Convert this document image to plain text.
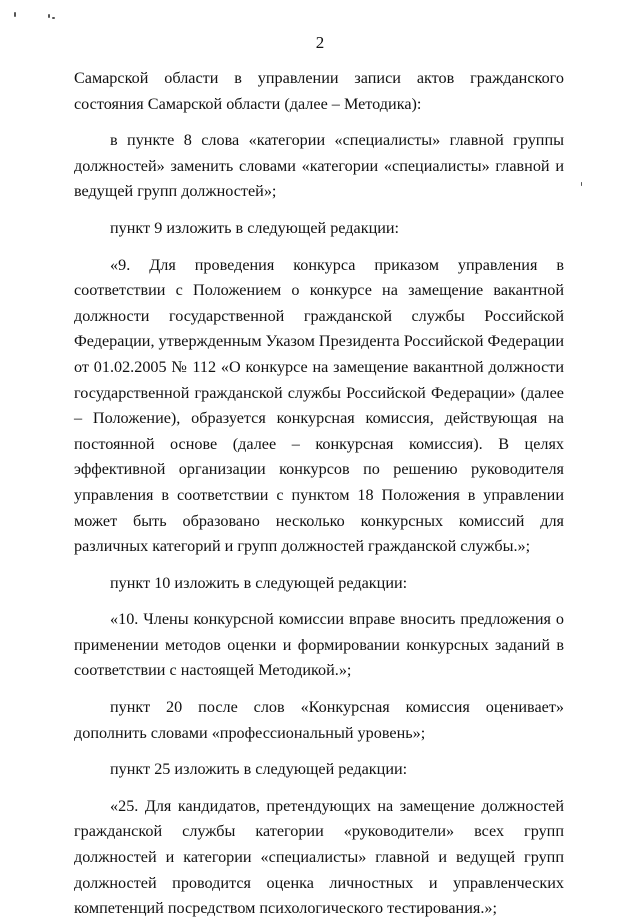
2

Самарской области в управлении записи актов гражданского состояния Самарской области (далее – Методика):

в пункте 8 слова «категории «специалисты» главной группы должностей» заменить словами «категории «специалисты» главной и ведущей групп должностей»;

пункт 9 изложить в следующей редакции:

«9. Для проведения конкурса приказом управления в соответствии с Положением о конкурсе на замещение вакантной должности государственной гражданской службы Российской Федерации, утвержденным Указом Президента Российской Федерации от 01.02.2005 № 112 «О конкурсе на замещение вакантной должности государственной гражданской службы Российской Федерации» (далее – Положение), образуется конкурсная комиссия, действующая на постоянной основе (далее – конкурсная комиссия). В целях эффективной организации конкурсов по решению руководителя управления в соответствии с пунктом 18 Положения в управлении может быть образовано несколько конкурсных комиссий для различных категорий и групп должностей гражданской службы.»;

пункт 10 изложить в следующей редакции:

«10. Члены конкурсной комиссии вправе вносить предложения о применении методов оценки и формировании конкурсных заданий в соответствии с настоящей Методикой.»;

пункт 20 после слов «Конкурсная комиссия оценивает» дополнить словами «профессиональный уровень»;

пункт 25 изложить в следующей редакции:

«25. Для кандидатов, претендующих на замещение должностей гражданской службы категории «руководители» всех групп должностей и категории «специалисты» главной и ведущей групп должностей проводится оценка личностных и управленческих компетенций посредством психологического тестирования.»;
